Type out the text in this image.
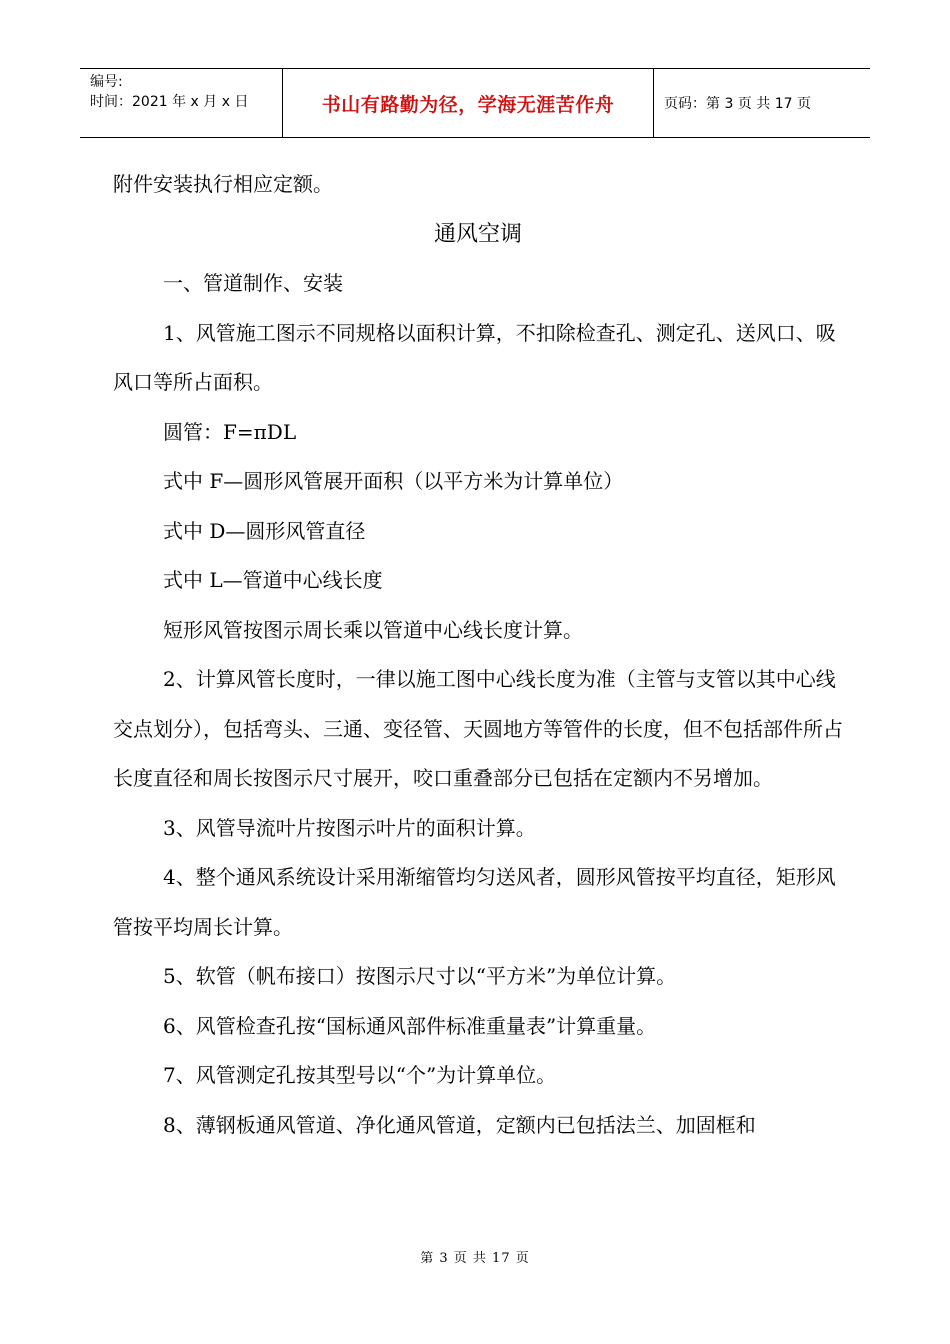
编号:
时间：2021 年 x 月 x 日	书山有路勤为径，学海无涯苦作舟	页码：第 3 页 共 17 页

附件安装执行相应定额。

通风空调

一、管道制作、安装

1、风管施工图示不同规格以面积计算，不扣除检查孔、测定孔、送风口、吸风口等所占面积。

圆管：F=πDL

式中 F—圆形风管展开面积（以平方米为计算单位）

式中 D—圆形风管直径

式中 L—管道中心线长度

短形风管按图示周长乘以管道中心线长度计算。

2、计算风管长度时，一律以施工图中心线长度为准（主管与支管以其中心线交点划分），包括弯头、三通、变径管、天圆地方等管件的长度，但不包括部件所占长度直径和周长按图示尺寸展开，咬口重叠部分已包括在定额内不另增加。

3、风管导流叶片按图示叶片的面积计算。

4、整个通风系统设计采用渐缩管均匀送风者，圆形风管按平均直径，矩形风管按平均周长计算。

5、软管（帆布接口）按图示尺寸以“平方米”为单位计算。

6、风管检查孔按“国标通风部件标准重量表”计算重量。

7、风管测定孔按其型号以“个”为计算单位。

8、薄钢板通风管道、净化通风管道，定额内已包括法兰、加固框和

第 3 页 共 17 页
